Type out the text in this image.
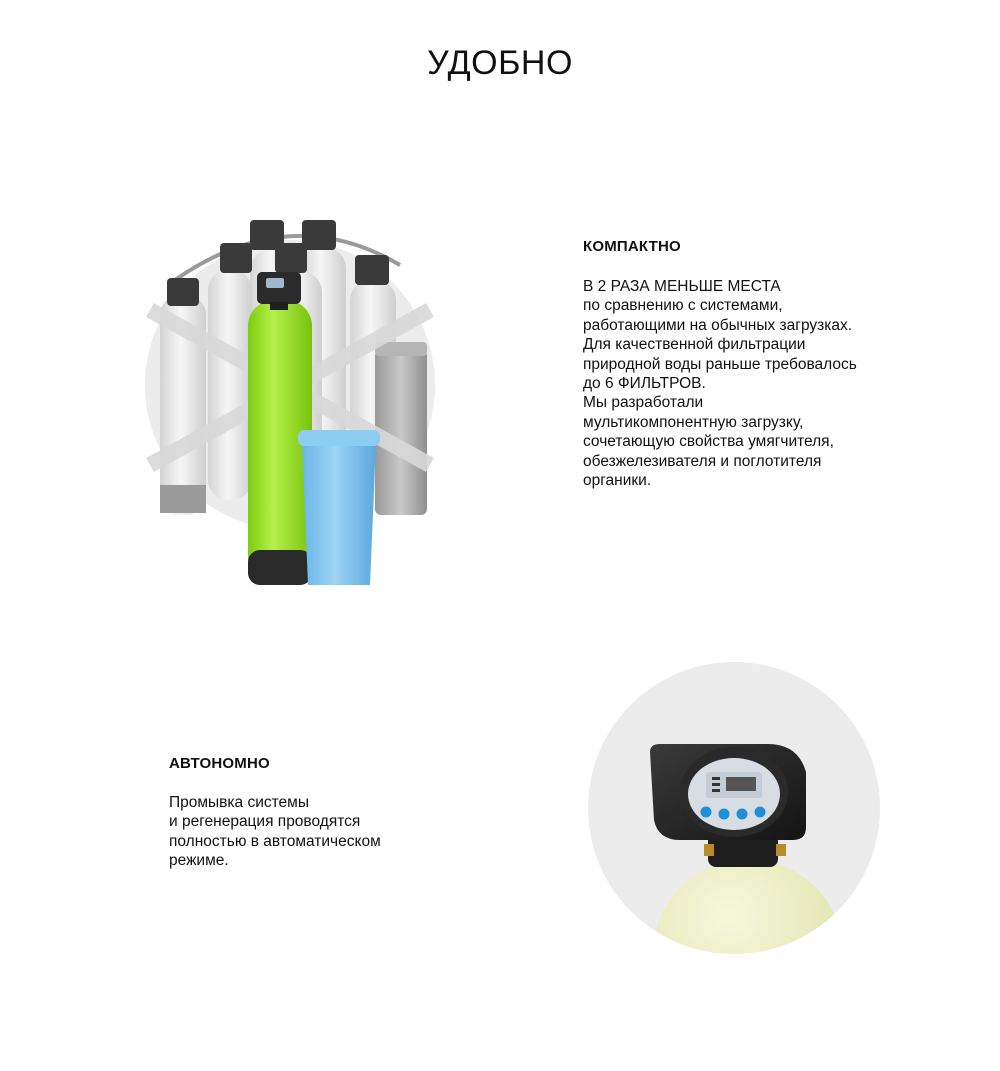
УДОБНО
КОМПАКТНО
В 2 РАЗА МЕНЬШЕ МЕСТА
по сравнению с системами,
работающими на обычных загрузках.
Для качественной фильтрации
природной воды раньше требовалось
до 6 ФИЛЬТРОВ.
Мы разработали
мультикомпонентную загрузку,
сочетающую свойства умягчителя,
обезжелезивателя и поглотителя
органики.
АВТОНОМНО
Промывка системы
и регенерация проводятся
полностью в автоматическом
режиме.
